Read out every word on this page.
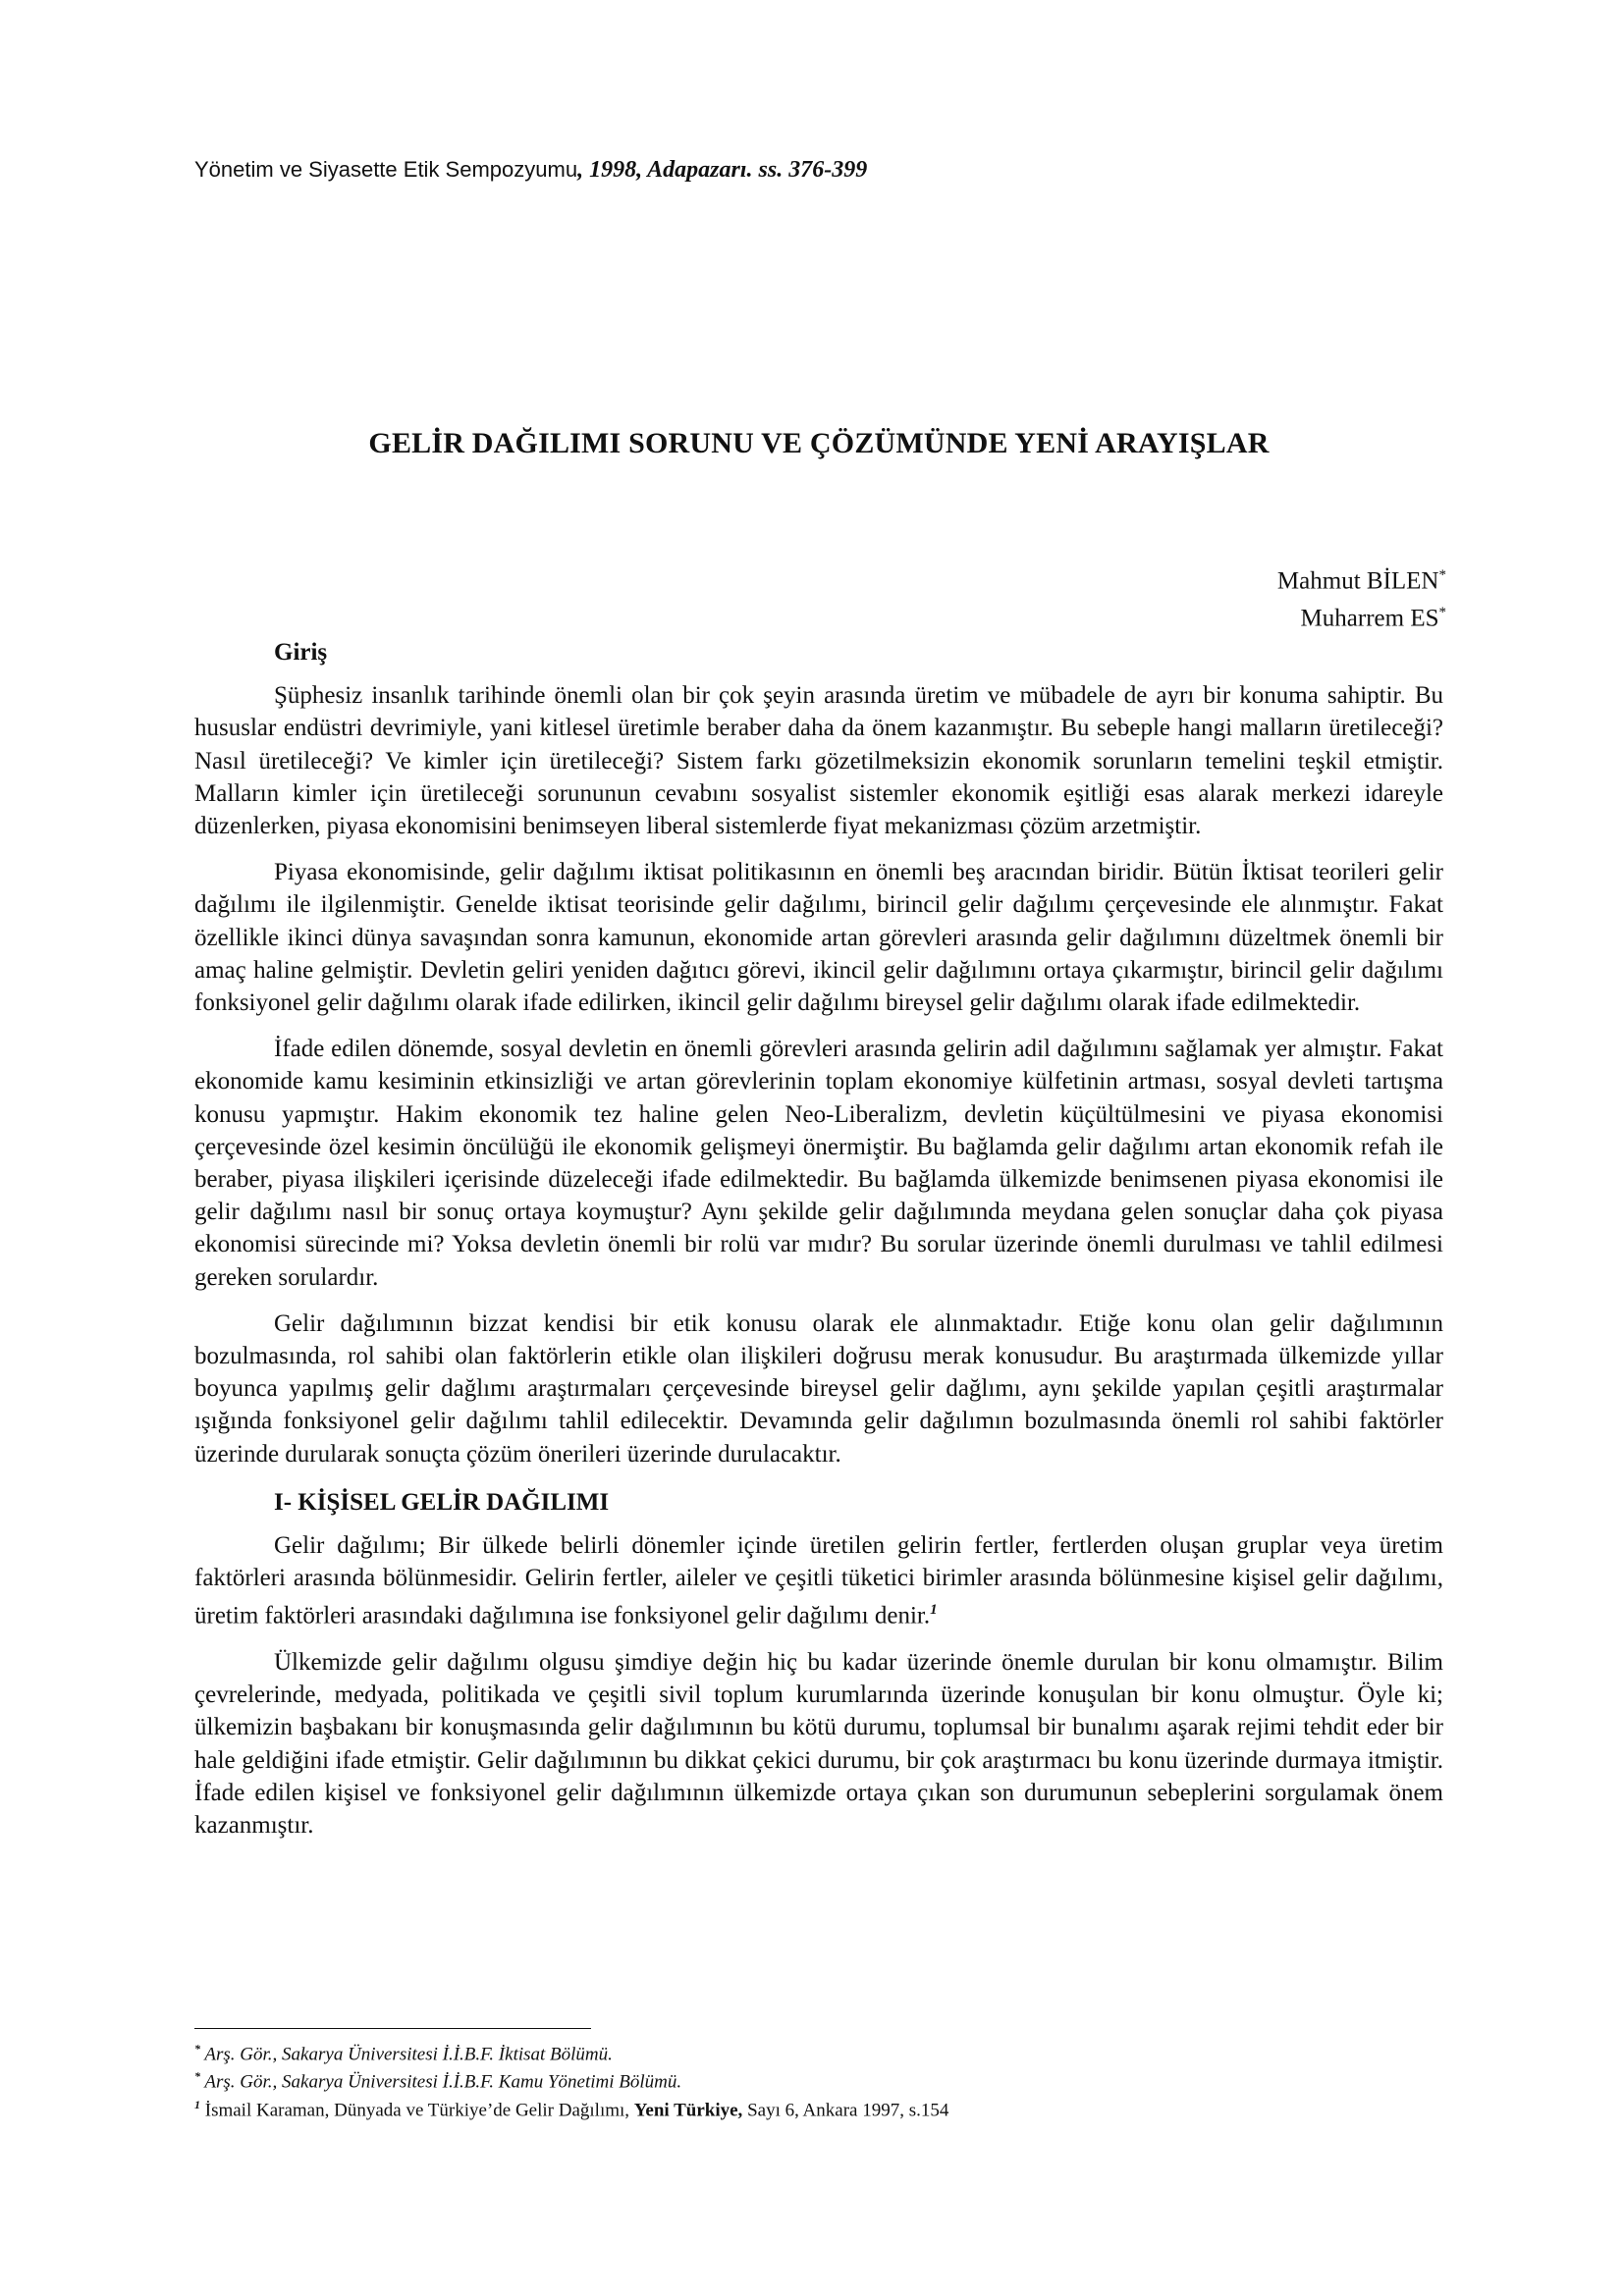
Yönetim ve Siyasette Etik Sempozyumu, 1998, Adapazarı. ss. 376-399
GELİR DAĞILIMI SORUNU VE ÇÖZÜMÜNDE YENİ ARAYIŞLAR
Mahmut BİLEN*
Muharrem ES*
Giriş

Şüphesiz insanlık tarihinde önemli olan bir çok şeyin arasında üretim ve mübadele de ayrı bir konuma sahiptir. Bu hususlar endüstri devrimiyle, yani kitlesel üretimle beraber daha da önem kazanmıştır. Bu sebeple hangi malların üretileceği? Nasıl üretileceği? Ve kimler için üretileceği? Sistem farkı gözetilmeksizin ekonomik sorunların temelini teşkil etmiştir. Malların kimler için üretileceği sorununun cevabını sosyalist sistemler ekonomik eşitliği esas alarak merkezi idareyle düzenlerken, piyasa ekonomisini benimseyen liberal sistemlerde fiyat mekanizması çözüm arzetmiştir.

Piyasa ekonomisinde, gelir dağılımı iktisat politikasının en önemli beş aracından biridir. Bütün İktisat teorileri gelir dağılımı ile ilgilenmiştir. Genelde iktisat teorisinde gelir dağılımı, birincil gelir dağılımı çerçevesinde ele alınmıştır. Fakat özellikle ikinci dünya savaşından sonra kamunun, ekonomide artan görevleri arasında gelir dağılımını düzeltmek önemli bir amaç haline gelmiştir. Devletin geliri yeniden dağıtıcı görevi, ikincil gelir dağılımını ortaya çıkarmıştır, birincil gelir dağılımı fonksiyonel gelir dağılımı olarak ifade edilirken, ikincil gelir dağılımı bireysel gelir dağılımı olarak ifade edilmektedir.

İfade edilen dönemde, sosyal devletin en önemli görevleri arasında gelirin adil dağılımını sağlamak yer almıştır. Fakat ekonomide kamu kesiminin etkinsizliği ve artan görevlerinin toplam ekonomiye külfetinin artması, sosyal devleti tartışma konusu yapmıştır. Hakim ekonomik tez haline gelen Neo-Liberalizm, devletin küçültülmesini ve piyasa ekonomisi çerçevesinde özel kesimin öncülüğü ile ekonomik gelişmeyi önermiştir. Bu bağlamda gelir dağılımı artan ekonomik refah ile beraber, piyasa ilişkileri içerisinde düzeleceği ifade edilmektedir. Bu bağlamda ülkemizde benimsenen piyasa ekonomisi ile gelir dağılımı nasıl bir sonuç ortaya koymuştur? Aynı şekilde gelir dağılımında meydana gelen sonuçlar daha çok piyasa ekonomisi sürecinde mi? Yoksa devletin önemli bir rolü var mıdır? Bu sorular üzerinde önemli durulması ve tahlil edilmesi gereken sorulardır.

Gelir dağılımının bizzat kendisi bir etik konusu olarak ele alınmaktadır. Etiğe konu olan gelir dağılımının bozulmasında, rol sahibi olan faktörlerin etikle olan ilişkileri doğrusu merak konusudur. Bu araştırmada ülkemizde yıllar boyunca yapılmış gelir dağlımı araştırmaları çerçevesinde bireysel gelir dağlımı, aynı şekilde yapılan çeşitli araştırmalar ışığında fonksiyonel gelir dağılımı tahlil edilecektir. Devamında gelir dağılımın bozulmasında önemli rol sahibi faktörler üzerinde durularak sonuçta çözüm önerileri üzerinde durulacaktır.

I- KİŞİSEL GELİR DAĞILIMI

Gelir dağılımı; Bir ülkede belirli dönemler içinde üretilen gelirin fertler, fertlerden oluşan gruplar veya üretim faktörleri arasında bölünmesidir. Gelirin fertler, aileler ve çeşitli tüketici birimler arasında bölünmesine kişisel gelir dağılımı, üretim faktörleri arasındaki dağılımına ise fonksiyonel gelir dağılımı denir.$^1$

Ülkemizde gelir dağılımı olgusu şimdiye değin hiç bu kadar üzerinde önemle durulan bir konu olmamıştır. Bilim çevrelerinde, medyada, politikada ve çeşitli sivil toplum kurumlarında üzerinde konuşulan bir konu olmuştur. Öyle ki; ülkemizin başbakanı bir konuşmasında gelir dağılımının bu kötü durumu, toplumsal bir bunalımı aşarak rejimi tehdit eder bir hale geldiğini ifade etmiştir. Gelir dağılımının bu dikkat çekici durumu, bir çok araştırmacı bu konu üzerinde durmaya itmiştir. İfade edilen kişisel ve fonksiyonel gelir dağılımının ülkemizde ortaya çıkan son durumunun sebeplerini sorgulamak önem kazanmıştır.

* Arş. Gör., Sakarya Üniversitesi İ.İ.B.F. İktisat Bölümü.
* Arş. Gör., Sakarya Üniversitesi İ.İ.B.F. Kamu Yönetimi Bölümü.
$^1$ İsmail Karaman, Dünyada ve Türkiye’de Gelir Dağılımı, Yeni Türkiye, Sayı 6, Ankara 1997, s.154
